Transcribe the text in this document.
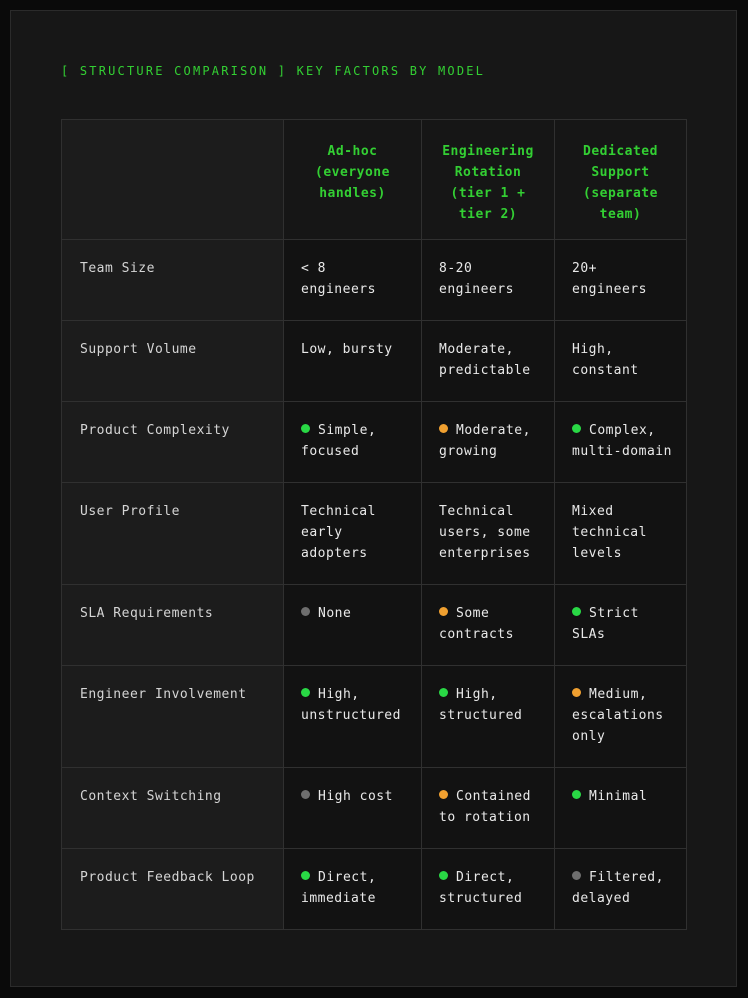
[ STRUCTURE COMPARISON ] KEY FACTORS BY MODEL
	Ad-hoc (everyone handles)	Engineering Rotation (tier 1 + tier 2)	Dedicated Support (separate team)
Team Size	< 8 engineers	8-20 engineers	20+ engineers
Support Volume	Low, bursty	Moderate, predictable	High, constant
Product Complexity	Simple, focused	Moderate, growing	Complex, multi-domain
User Profile	Technical early adopters	Technical users, some enterprises	Mixed technical levels
SLA Requirements	None	Some contracts	Strict SLAs
Engineer Involvement	High, unstructured	High, structured	Medium, escalations only
Context Switching	High cost	Contained to rotation	Minimal
Product Feedback Loop	Direct, immediate	Direct, structured	Filtered, delayed
